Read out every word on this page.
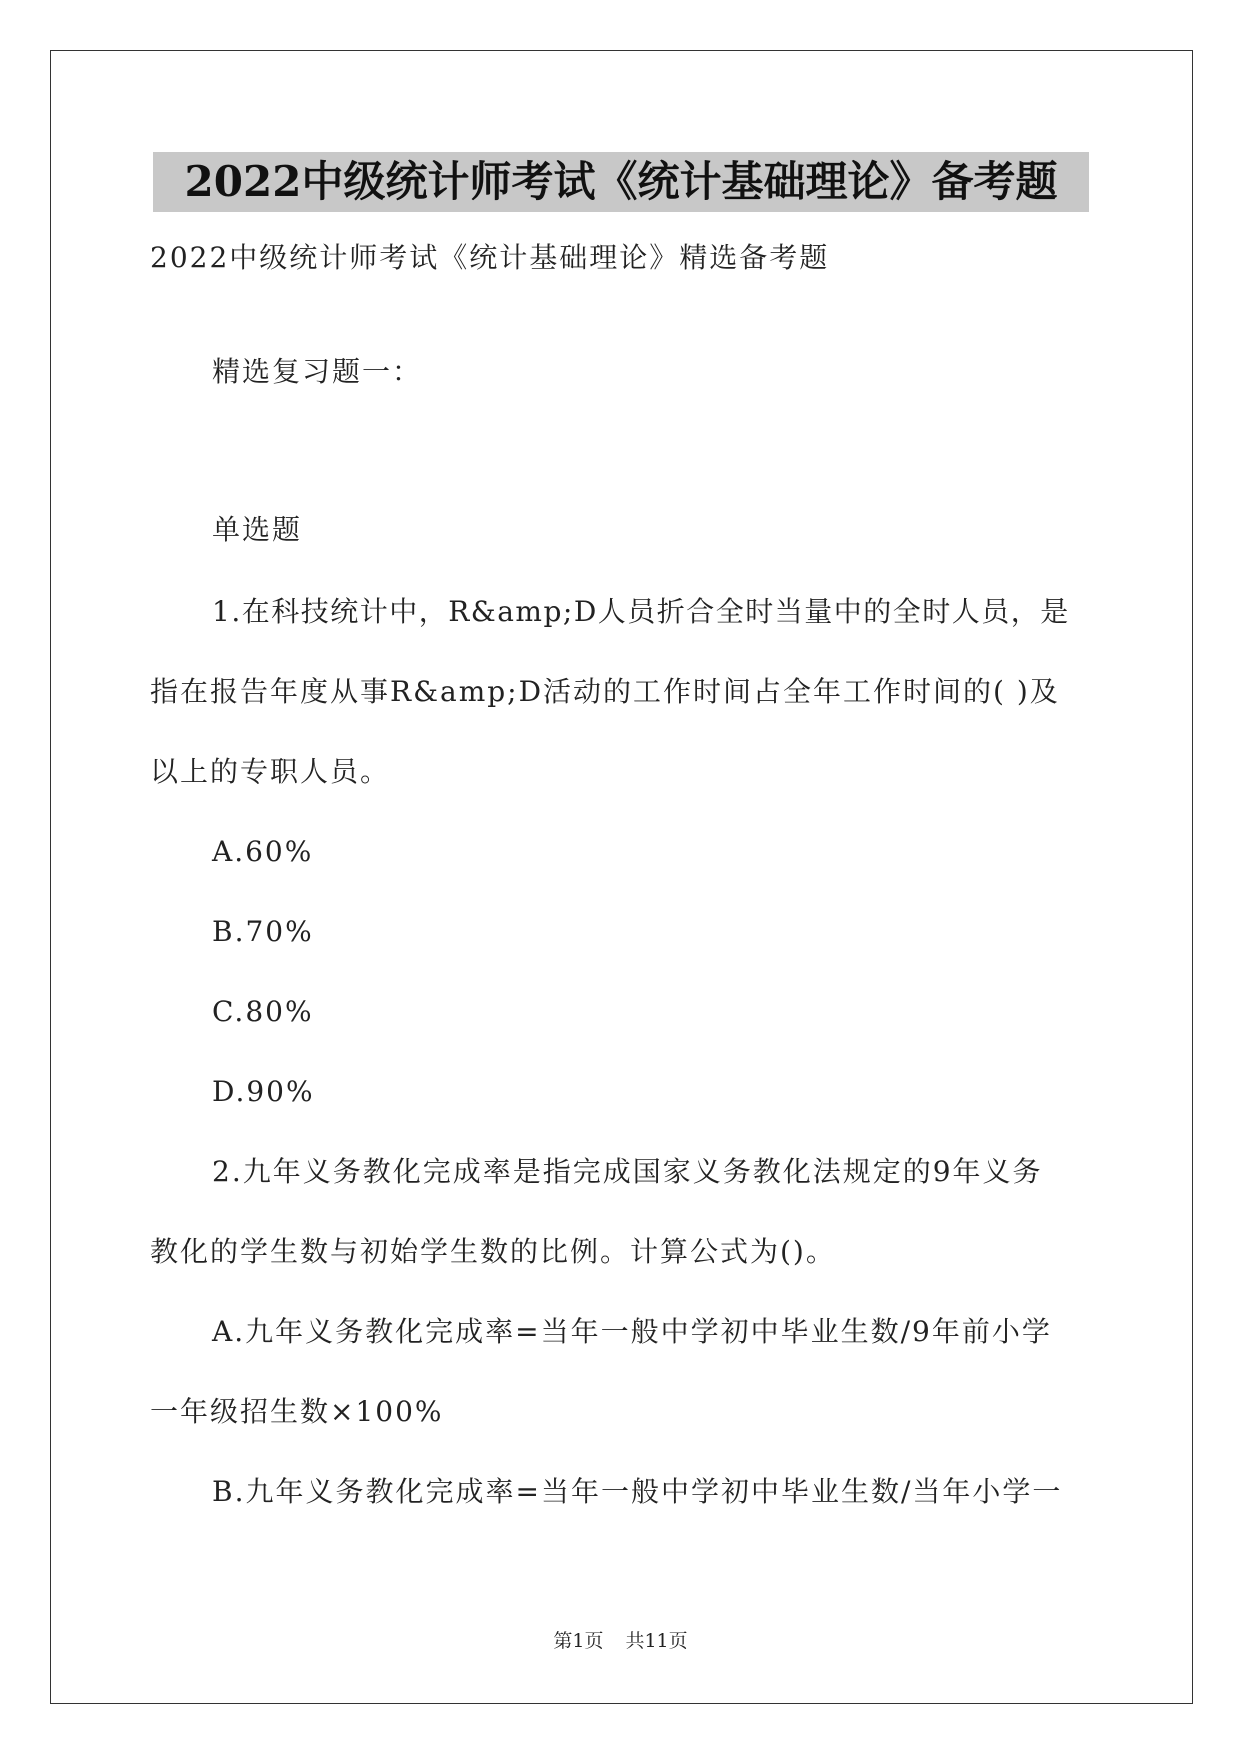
2022中级统计师考试《统计基础理论》备考题
2022中级统计师考试《统计基础理论》精选备考题
精选复习题一：
单选题
1.在科技统计中，R&amp;D人员折合全时当量中的全时人员，是
指在报告年度从事R&amp;D活动的工作时间占全年工作时间的( )及
以上的专职人员。
A.60%
B.70%
C.80%
D.90%
2.九年义务教化完成率是指完成国家义务教化法规定的9年义务
教化的学生数与初始学生数的比例。计算公式为()。
A.九年义务教化完成率=当年一般中学初中毕业生数/9年前小学
一年级招生数×100%
B.九年义务教化完成率=当年一般中学初中毕业生数/当年小学一
第1页 共11页
